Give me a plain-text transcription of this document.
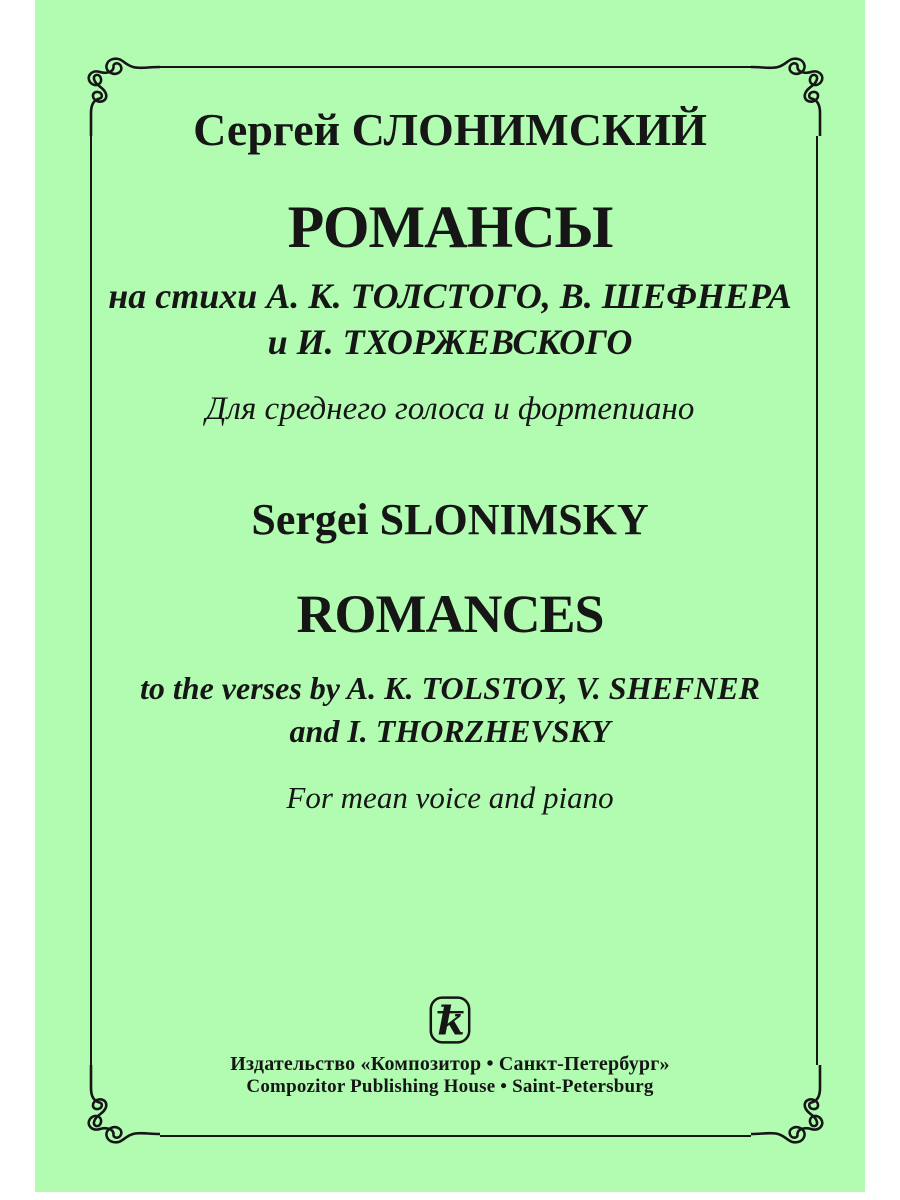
Сергей СЛОНИМСКИЙ
РОМАНСЫ
на стихи А. К. ТОЛСТОГО, В. ШЕФНЕРА
и И. ТХОРЖЕВСКОГО
Для среднего голоса и фортепиано
Sergei SLONIMSKY
ROMANCES
to the verses by A. K. TOLSTOY, V. SHEFNER
and I. THORZHEVSKY
For mean voice and piano
k
Издательство «Композитор • Санкт-Петербург»
Compozitor Publishing House • Saint-Petersburg
